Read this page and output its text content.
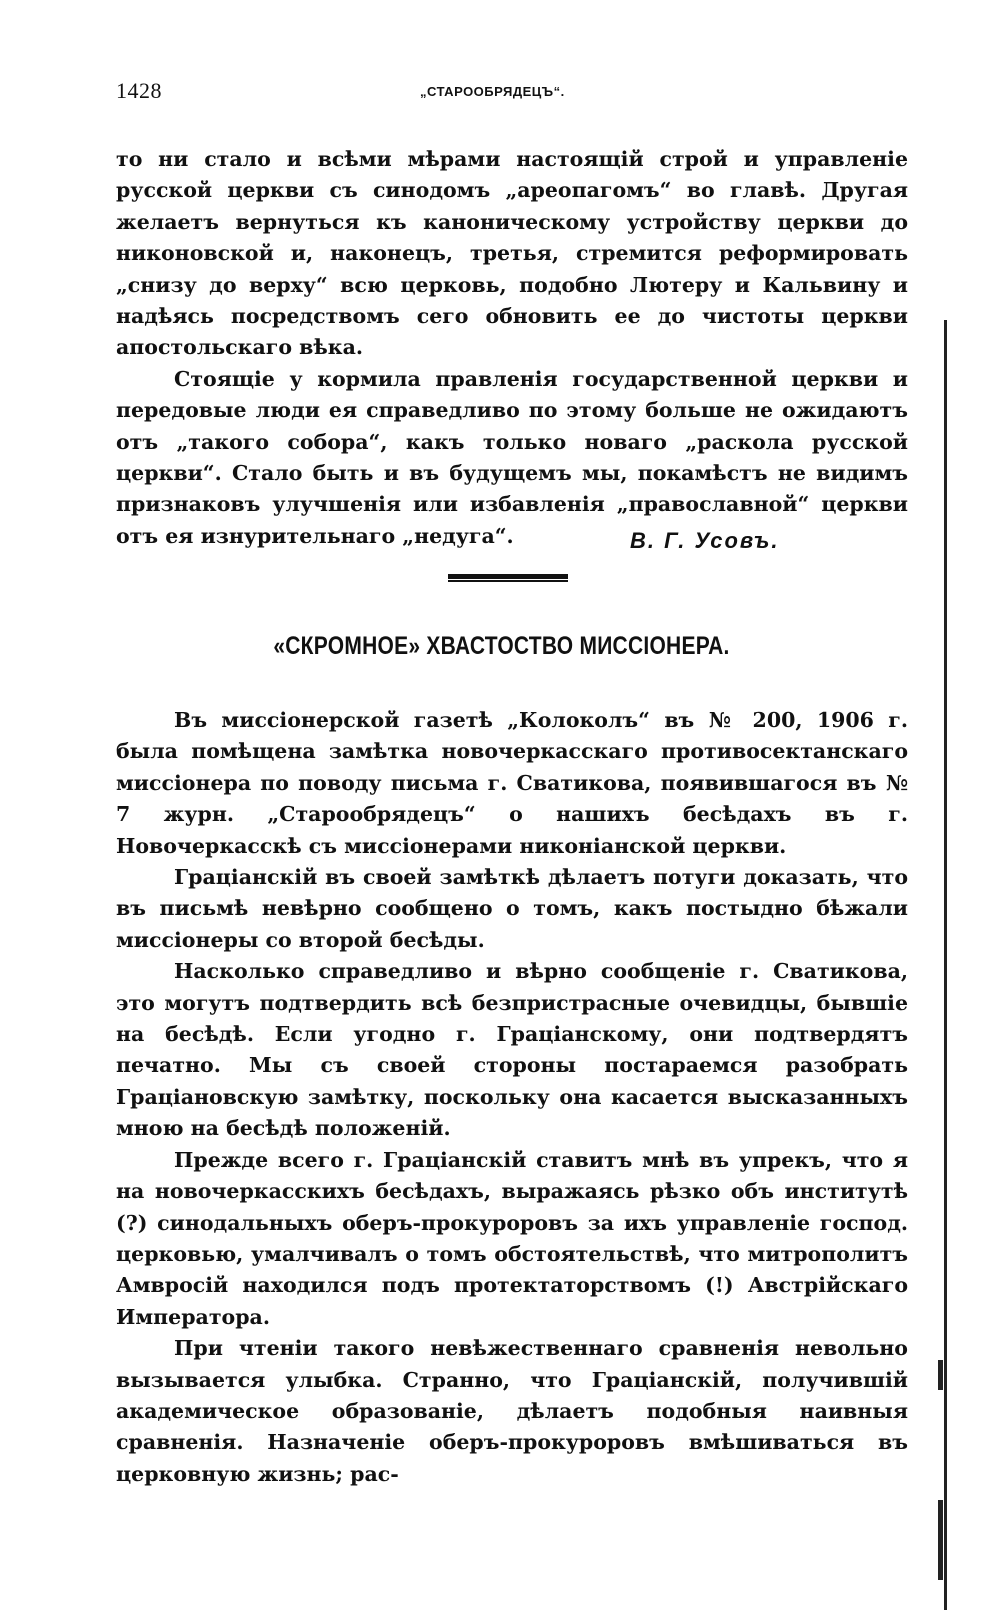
1428	„СТАРООБРЯДЕЦЪ“.

то ни стало и всѣми мѣрами настоящій строй и управленіе русской церкви съ синодомъ „ареопагомъ“ во главѣ. Другая желаетъ вернуться къ каноническому устройству церкви до никоновской и, наконецъ, третья, стремится реформировать „снизу до верху“ всю церковь, подобно Лютеру и Кальвину и надѣясь посредствомъ сего обновить ее до чистоты церкви апостольскаго вѣка.

Стоящіе у кормила правленія государственной церкви и передовые люди ея справедливо по этому больше не ожидаютъ отъ „такого собора“, какъ только новаго „раскола русской церкви“. Стало быть и въ будущемъ мы, покамѣстъ не видимъ признаковъ улучшенія или избавленія „православной“ церкви отъ ея изнурительнаго „недуга“.	В. Г. Усовъ.
«СКРОМНОЕ» ХВАСТОСТВО МИССІОНЕРА.

Въ миссіонерской газетѣ „Колоколъ“ въ № 200, 1906 г. была помѣщена замѣтка новочеркасскаго противосектанскаго миссіонера по поводу письма г. Сватикова, появившагося въ № 7 журн. „Старообрядецъ“ о нашихъ бесѣдахъ въ г. Новочеркасскѣ съ миссіонерами никоніанской церкви.

Граціанскій въ своей замѣткѣ дѣлаетъ потуги доказать, что въ письмѣ невѣрно сообщено о томъ, какъ постыдно бѣжали миссіонеры со второй бесѣды.

Насколько справедливо и вѣрно сообщеніе г. Сватикова, это могутъ подтвердить всѣ безпристрасные очевидцы, бывшіе на бесѣдѣ. Если угодно г. Граціанскому, они подтвердятъ печатно. Мы съ своей стороны постараемся разобрать Граціановскую замѣтку, поскольку она касается высказанныхъ мною на бесѣдѣ положеній.

Прежде всего г. Граціанскій ставитъ мнѣ въ упрекъ, что я на новочеркасскихъ бесѣдахъ, выражаясь рѣзко объ институтѣ (?) синодальныхъ оберъ-прокуроровъ за ихъ управленіе господ. церковью, умалчивалъ о томъ обстоятельствѣ, что митрополитъ Амвросій находился подъ протектаторствомъ (!) Австрійскаго Императора.

При чтеніи такого невѣжественнаго сравненія невольно вызывается улыбка. Странно, что Граціанскій, получившій академическое образованіе, дѣлаетъ подобныя наивныя сравненія. Назначеніе оберъ-прокуроровъ вмѣшиваться въ церковную жизнь; рас-
